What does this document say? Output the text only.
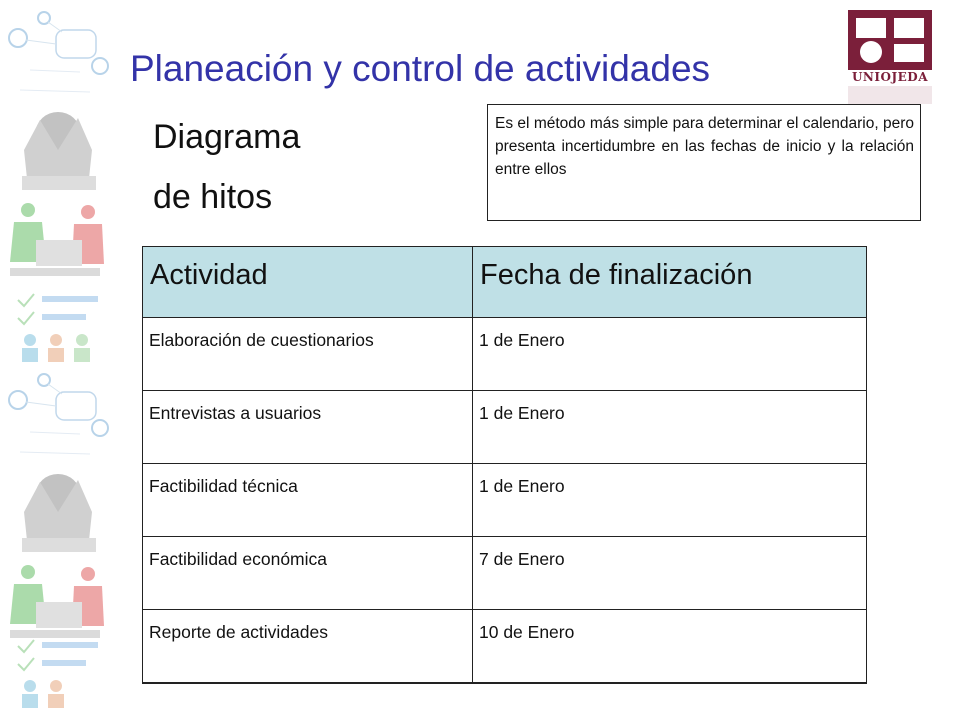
UNIOJEDA
Planeación y control de actividades
Diagrama
de hitos
Es el método más simple para determinar el calendario, pero presenta incertidumbre en las fechas de inicio y la relación entre ellos
Actividad	Fecha de finalización
Elaboración de cuestionarios	1 de Enero
Entrevistas a usuarios	1 de Enero
Factibilidad técnica	1 de Enero
Factibilidad económica	7 de Enero
Reporte de actividades	10 de Enero
